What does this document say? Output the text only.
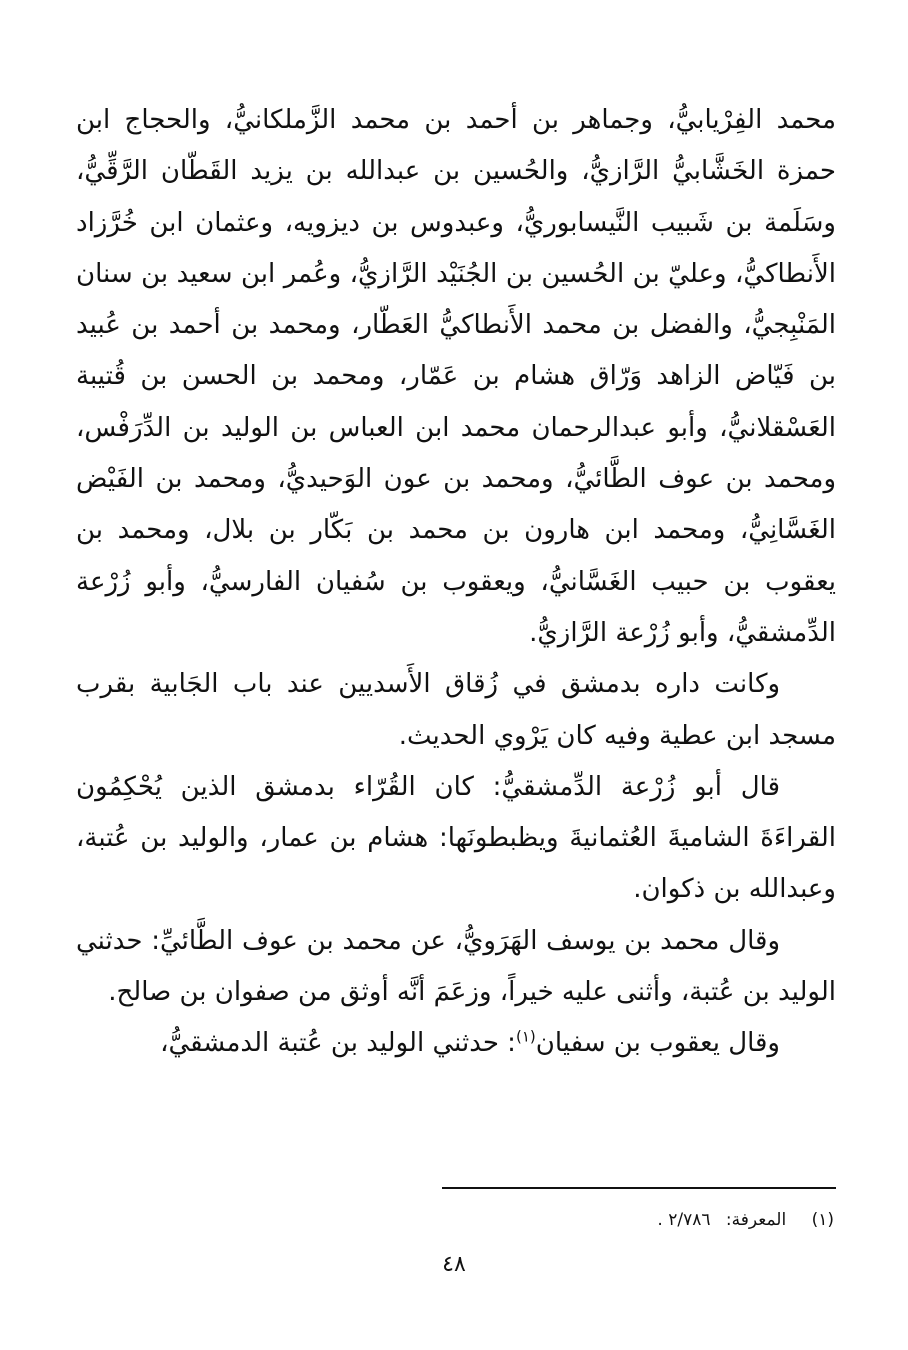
محمد الفِرْيابيُّ، وجماهر بن أحمد بن محمد الزَّملكانيُّ، والحجاج ابن حمزة الخَشَّابيُّ الرَّازيُّ، والحُسين بن عبدالله بن يزيد القَطّان الرَّقِّيُّ، وسَلَمة بن شَبيب النَّيسابوريُّ، وعبدوس بن ديزويه، وعثمان ابن خُرَّزاد الأَنطاكيُّ، وعليّ بن الحُسين بن الجُنَيْد الرَّازيُّ، وعُمر ابن سعيد بن سنان المَنْبِجيُّ، والفضل بن محمد الأَنطاكيُّ العَطّار، ومحمد بن أحمد بن عُبيد بن فَيّاض الزاهد وَرّاق هشام بن عَمّار، ومحمد بن الحسن بن قُتيبة العَسْقلانيُّ، وأبو عبدالرحمان محمد ابن العباس بن الوليد بن الدِّرَفْس، ومحمد بن عوف الطَّائيُّ، ومحمد بن عون الوَحيديُّ، ومحمد بن الفَيْض الغَسَّانِيُّ، ومحمد ابن هارون بن محمد بن بَكّار بن بلال، ومحمد بن يعقوب بن حبيب الغَسَّانيُّ، ويعقوب بن سُفيان الفارسيُّ، وأبو زُرْعة الدِّمشقيُّ، وأبو زُرْعة الرَّازيُّ.

وكانت داره بدمشق في زُقاق الأَسديين عند باب الجَابية بقرب مسجد ابن عطية وفيه كان يَرْوي الحديث.

قال أبو زُرْعة الدِّمشقيُّ: كان القُرّاء بدمشق الذين يُحْكِمُون القراءَةَ الشاميةَ العُثمانيةَ ويظبطونَها: هشام بن عمار، والوليد بن عُتبة، وعبدالله بن ذكوان.

وقال محمد بن يوسف الهَرَويُّ، عن محمد بن عوف الطَّائيِّ: حدثني الوليد بن عُتبة، وأثنى عليه خيراً، وزعَمَ أنَّه أوثق من صفوان بن صالح.

وقال يعقوب بن سفيان$^{(١)}$: حدثني الوليد بن عُتبة الدمشقيُّ،

(١) المعرفة: ٢/٧٨٦ .
٤٨
